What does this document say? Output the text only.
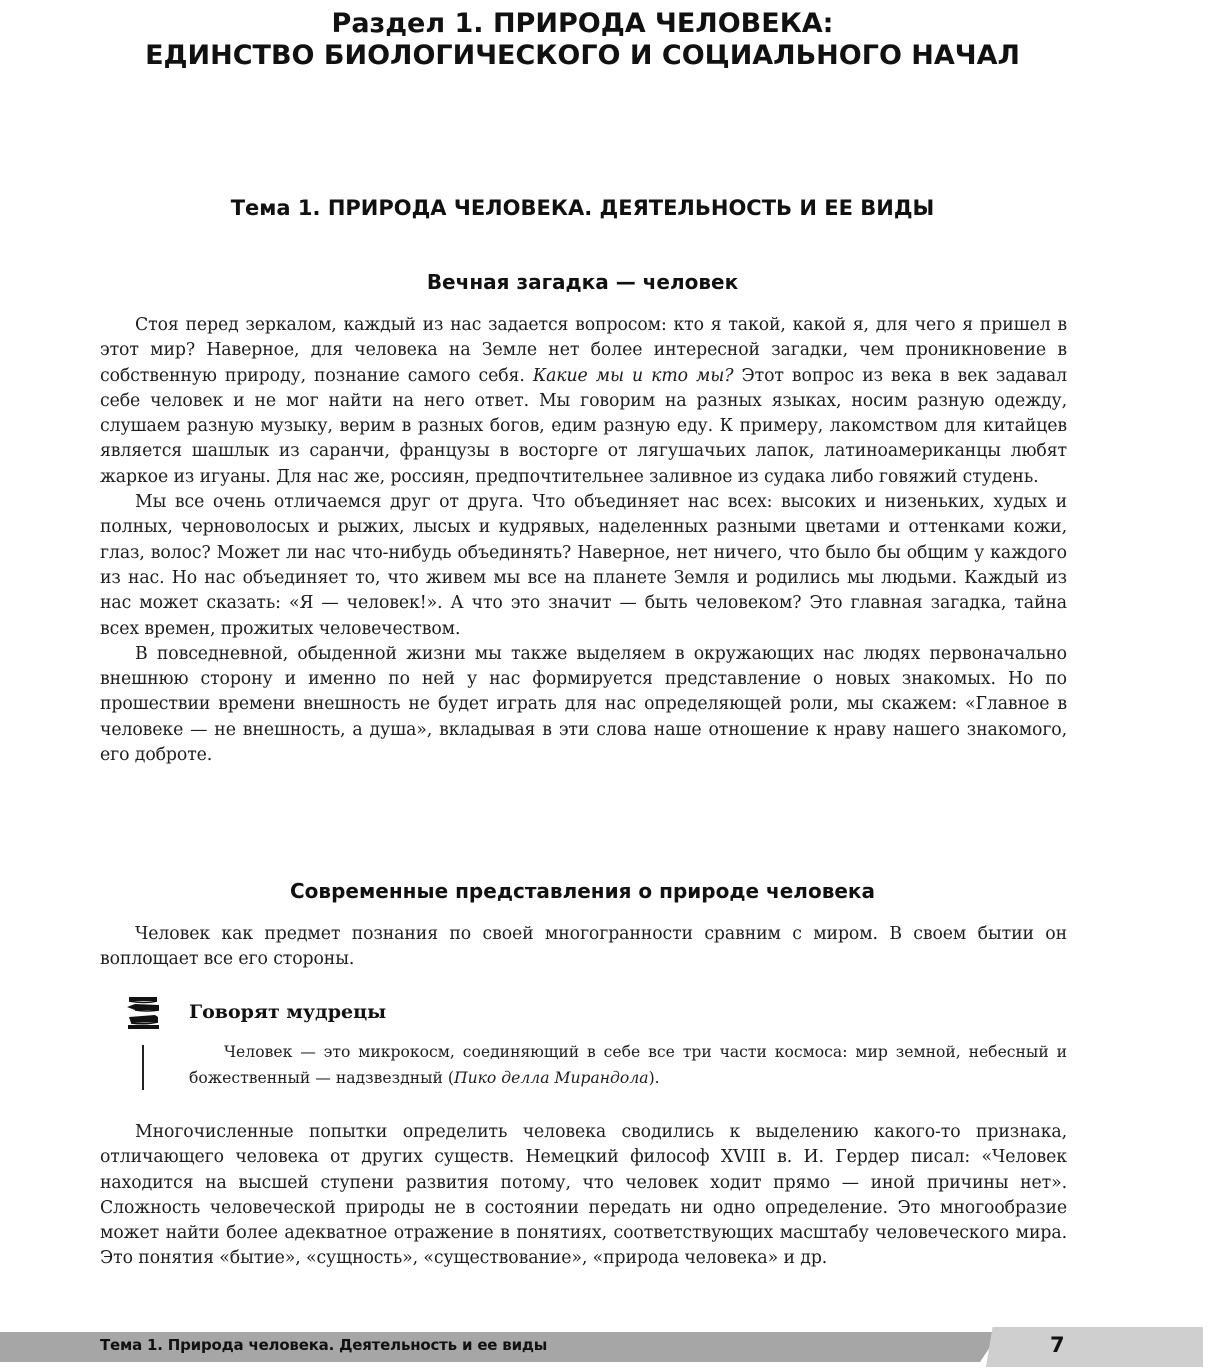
Раздел 1. ПРИРОДА ЧЕЛОВЕКА:
ЕДИНСТВО БИОЛОГИЧЕСКОГО И СОЦИАЛЬНОГО НАЧАЛ
Тема 1. ПРИРОДА ЧЕЛОВЕКА. ДЕЯТЕЛЬНОСТЬ И ЕЕ ВИДЫ
Вечная загадка — человек

Стоя перед зеркалом, каждый из нас задается вопросом: кто я такой, какой я, для чего я пришел в этот мир? Наверное, для человека на Земле нет более интересной загадки, чем проникновение в собственную природу, познание самого себя. Какие мы и кто мы? Этот вопрос из века в век задавал себе человек и не мог найти на него ответ. Мы говорим на разных языках, носим разную одежду, слушаем разную музыку, верим в разных богов, едим разную еду. К примеру, лакомством для китайцев является шашлык из саранчи, французы в восторге от лягушачьих лапок, латиноамериканцы любят жаркое из игуаны. Для нас же, россиян, предпочтительнее заливное из судака либо говяжий студень.

Мы все очень отличаемся друг от друга. Что объединяет нас всех: высоких и низеньких, худых и полных, черноволосых и рыжих, лысых и кудрявых, наделенных разными цветами и оттенками кожи, глаз, волос? Может ли нас что-нибудь объединять? Наверное, нет ничего, что было бы общим у каждого из нас. Но нас объединяет то, что живем мы все на планете Земля и родились мы людьми. Каждый из нас может сказать: «Я — человек!». А что это значит — быть человеком? Это главная загадка, тайна всех времен, прожитых человечеством.

В повседневной, обыденной жизни мы также выделяем в окружающих нас людях первоначально внешнюю сторону и именно по ней у нас формируется представление о новых знакомых. Но по прошествии времени внешность не будет играть для нас определяющей роли, мы скажем: «Главное в человеке — не внешность, а душа», вкладывая в эти слова наше отношение к нраву нашего знакомого, его доброте.

Современные представления о природе человека

Человек как предмет познания по своей многогранности сравним с миром. В своем бытии он воплощает все его стороны.

Говорят мудрецы

Человек — это микрокосм, соединяющий в себе все три части космоса: мир земной, небесный и божественный — надзвездный (Пико делла Мирандола).

Многочисленные попытки определить человека сводились к выделению какого-то признака, отличающего человека от других существ. Немецкий философ XVIII в. И. Гердер писал: «Человек находится на высшей ступени развития потому, что человек ходит прямо — иной причины нет». Сложность человеческой природы не в состоянии передать ни одно определение. Это многообразие может найти более адекватное отражение в понятиях, соответствующих масштабу человеческого мира. Это понятия «бытие», «сущность», «существование», «природа человека» и др.

Тема 1. Природа человека. Деятельность и ее виды	7
